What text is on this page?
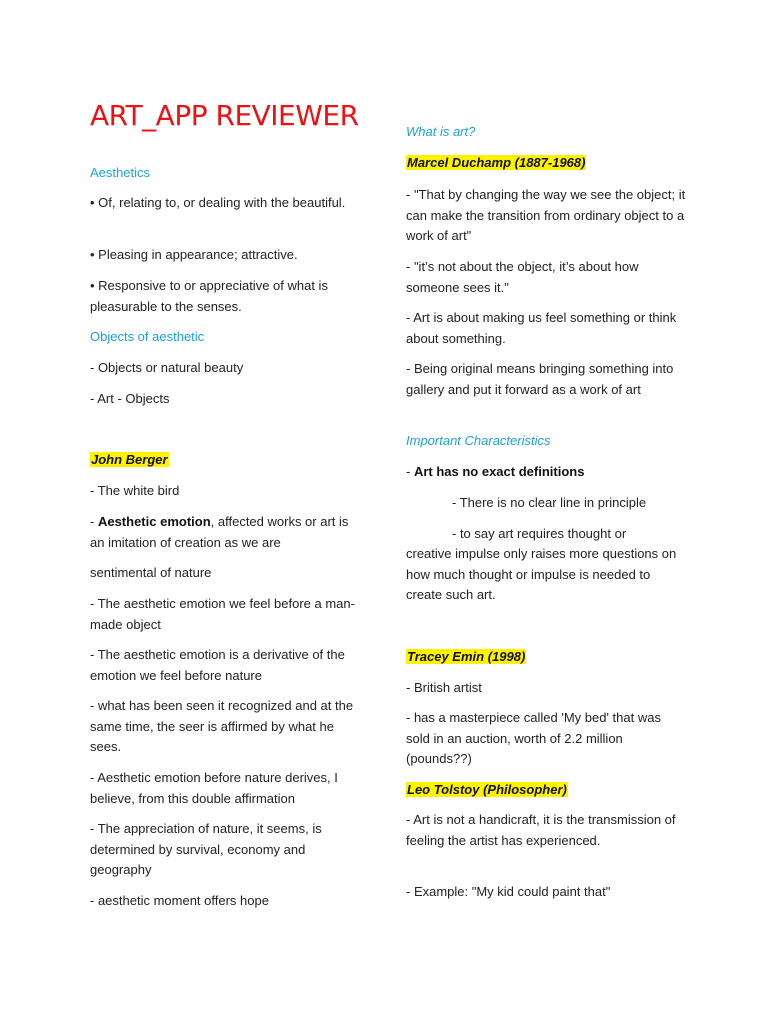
ART_APP REVIEWER

Aesthetics

• Of, relating to, or dealing with the beautiful.

• Pleasing in appearance; attractive.

• Responsive to or appreciative of what is pleasurable to the senses.

Objects of aesthetic

- Objects or natural beauty

- Art - Objects

John Berger

- The white bird

- Aesthetic emotion, affected works or art is an imitation of creation as we are

sentimental of nature

- The aesthetic emotion we feel before a man-made object

- The aesthetic emotion is a derivative of the emotion we feel before nature

- what has been seen it recognized and at the same time, the seer is affirmed by what he sees.

- Aesthetic emotion before nature derives, I believe, from this double affirmation

- The appreciation of nature, it seems, is determined by survival, economy and geography

- aesthetic moment offers hope

What is art?

Marcel Duchamp (1887-1968)

- "That by changing the way we see the object; it can make the transition from ordinary object to a work of art"

- "it’s not about the object, it’s about how someone sees it."

- Art is about making us feel something or think about something.

- Being original means bringing something into gallery and put it forward as a work of art

Important Characteristics

- Art has no exact definitions

- There is no clear line in principle

- to say art requires thought or

creative impulse only raises more questions on how much thought or impulse is needed to create such art.

Tracey Emin (1998)

- British artist

- has a masterpiece called 'My bed' that was sold in an auction, worth of 2.2 million (pounds??)

Leo Tolstoy (Philosopher)

- Art is not a handicraft, it is the transmission of feeling the artist has experienced.

- Example: "My kid could paint that"
